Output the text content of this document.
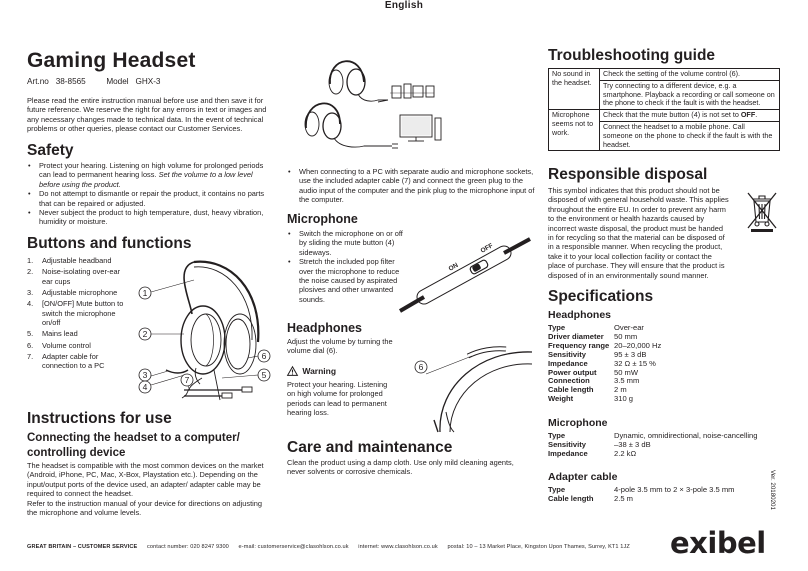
English
Gaming Headset
Art.no 38-8565	Model GHX-3

Please read the entire instruction manual before use and then save it for future reference. We reserve the right for any errors in text or images and any necessary changes made to technical data. In the event of technical problems or other queries, please contact our Customer Services.

Safety
• Protect your hearing. Listening on high volume for prolonged periods can lead to permanent hearing loss. Set the volume to a low level before using the product.
• Do not attempt to dismantle or repair the product, it contains no parts that can be repaired or adjusted.
• Never subject the product to high temperature, dust, heavy vibration, humidity or moisture.
Buttons and functions
1. Adjustable headband
2. Noise-isolating over-ear ear cups
3. Adjustable microphone
4. [ON/OFF] Mute button to switch the microphone on/off
5. Mains lead
6. Volume control
7. Adapter cable for connection to a PC
Instructions for use
Connecting the headset to a computer/ controlling device

The headset is compatible with the most common devices on the market (Android, iPhone, PC, Mac, X-Box, Playstation etc.). Depending on the input/output ports of the device used, an adapter/ adapter cable may be required to connect the headset.

Refer to the instruction manual of your device for directions on adjusting the microphone and volume levels.

1
2
3
4
5
6
7
• When connecting to a PC with separate audio and microphone sockets, use the included adapter cable (7) and connect the green plug to the audio input of the computer and the pink plug to the microphone input of the computer.
Microphone
• Switch the microphone on or off by sliding the mute button (4) sideways.
• Stretch the included pop filter over the microphone to reduce the noise caused by aspirated plosives and other unwanted sounds.
ON
OFF
Headphones

Adjust the volume by turning the volume dial (6).

Warning

Protect your hearing. Listening on high volume for prolonged periods can lead to permanent hearing loss.

6
Care and maintenance

Clean the product using a damp cloth. Use only mild cleaning agents, never solvents or corrosive chemicals.

Troubleshooting guide
No sound in the headset.	Check the setting of the volume control (6).
	Try connecting to a different device, e.g. a smartphone. Playback a recording or call someone on the phone to check if the fault is with the headset.
Microphone seems not to work.	Check that the mute button (4) is not set to OFF.
	Connect the headset to a mobile phone. Call someone on the phone to check if the fault is with the headset.
Responsible disposal

This symbol indicates that this product should not be disposed of with general household waste. This applies throughout the entire EU. In order to prevent any harm to the environment or health hazards caused by incorrect waste disposal, the product must be handed in for recycling so that the material can be disposed of in a responsible manner. When recycling the product, take it to your local collection facility or contact the place of purchase. They will ensure that the product is disposed of in an environmentally sound manner.

Specifications
Headphones
Type	Over-ear
Driver diameter	50 mm
Frequency range	20–20,000 Hz
Sensitivity	95 ± 3 dB
Impedance	32 Ω ± 15 %
Power output	50 mW
Connection	3.5 mm
Cable length	2 m
Weight	310 g
Microphone
Type	Dynamic, omnidirectional, noise-cancelling
Sensitivity	–38 ± 3 dB
Impedance	2.2 kΩ
Adapter cable
Type	4-pole 3.5 mm to 2 × 3-pole 3.5 mm
Cable length	2.5 m	Ver. 20180201
GREAT BRITAIN – CUSTOMER SERVICE contact number: 020 8247 9300 e-mail: customerservice@clasohlson.co.uk internet: www.clasohlson.co.uk postal: 10 – 13 Market Place, Kingston Upon Thames, Surrey, KT1 1JZ exibel
